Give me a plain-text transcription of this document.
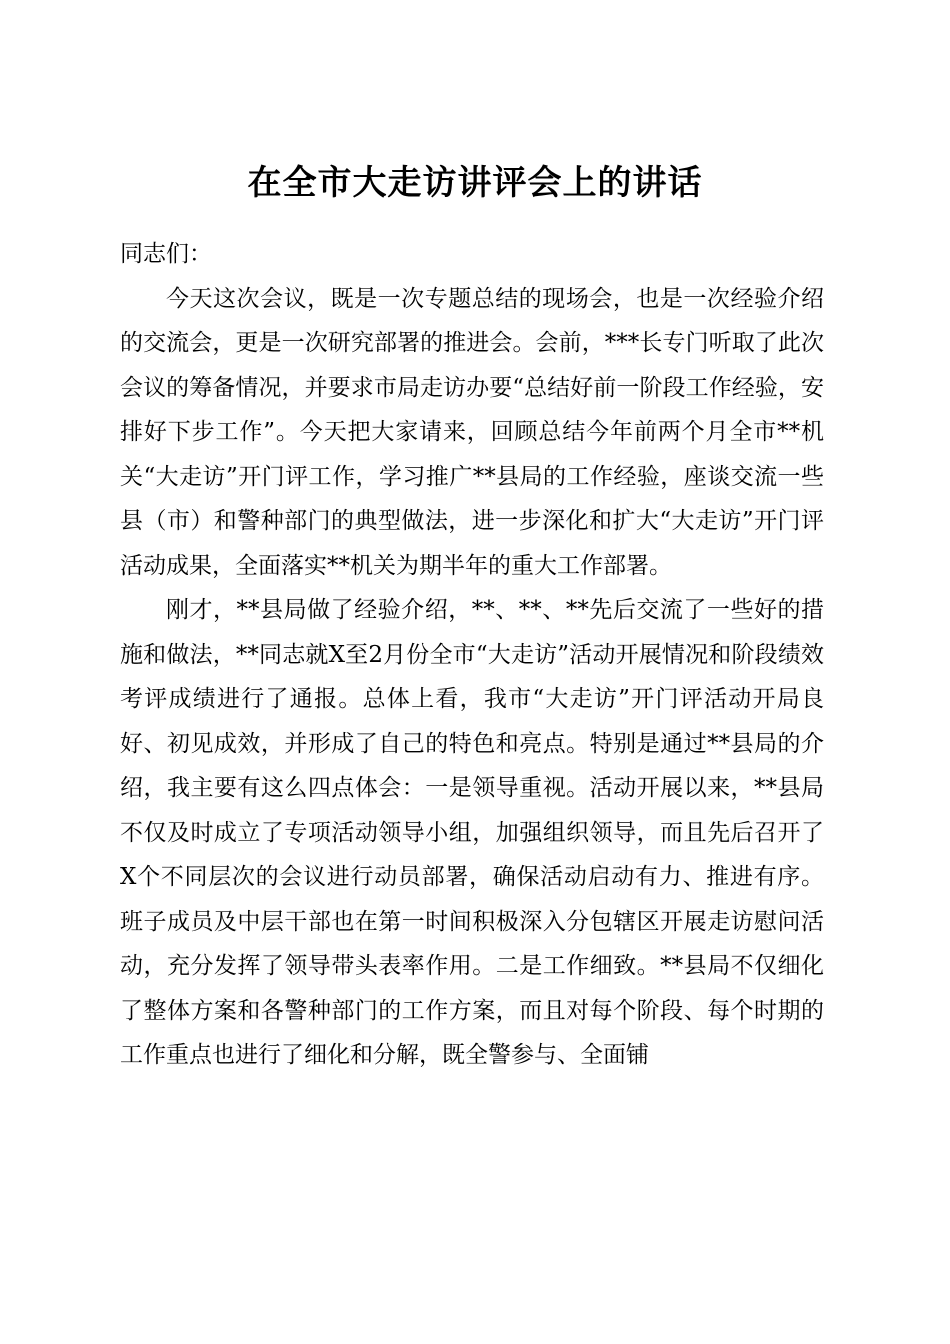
在全市大走访讲评会上的讲话

同志们：

今天这次会议，既是一次专题总结的现场会，也是一次经验介绍的交流会，更是一次研究部署的推进会。会前，***长专门听取了此次会议的筹备情况，并要求市局走访办要“总结好前一阶段工作经验，安排好下步工作”。今天把大家请来，回顾总结今年前两个月全市**机关“大走访”开门评工作，学习推广**县局的工作经验，座谈交流一些县（市）和警种部门的典型做法，进一步深化和扩大“大走访”开门评活动成果，全面落实**机关为期半年的重大工作部署。

刚才，**县局做了经验介绍，**、**、**先后交流了一些好的措施和做法，**同志就X至2月份全市“大走访”活动开展情况和阶段绩效考评成绩进行了通报。总体上看，我市“大走访”开门评活动开局良好、初见成效，并形成了自己的特色和亮点。特别是通过**县局的介绍，我主要有这么四点体会：一是领导重视。活动开展以来，**县局不仅及时成立了专项活动领导小组，加强组织领导，而且先后召开了X个不同层次的会议进行动员部署，确保活动启动有力、推进有序。班子成员及中层干部也在第一时间积极深入分包辖区开展走访慰问活动，充分发挥了领导带头表率作用。二是工作细致。**县局不仅细化了整体方案和各警种部门的工作方案，而且对每个阶段、每个时期的工作重点也进行了细化和分解，既全警参与、全面铺
